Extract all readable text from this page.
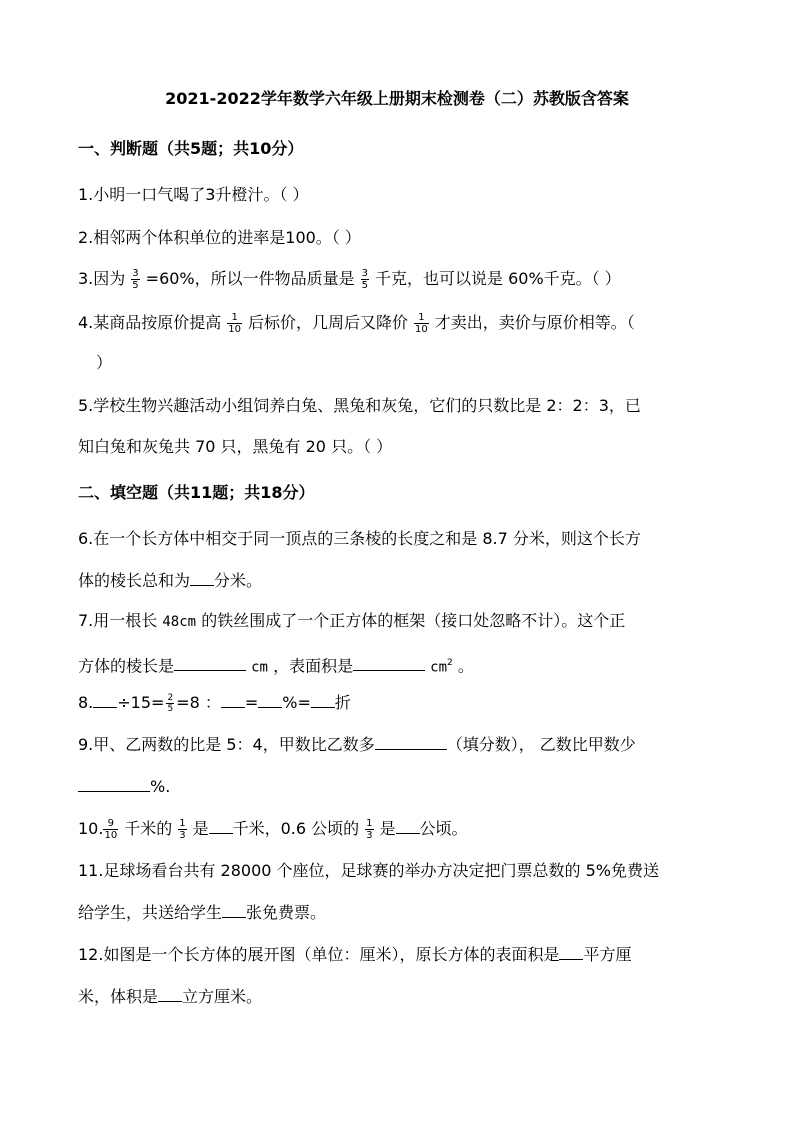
2021-2022学年数学六年级上册期末检测卷（二）苏教版含答案
一、判断题（共5题；共10分）
1.小明一口气喝了3升橙汁。（ ）
2.相邻两个体积单位的进率是100。（ ）
3.因为 $\frac{3}{5} =60\%$，所以一件物品质量是 $\frac{3}{5}$ 千克，也可以说是 60%千克。（ ）
4.某商品按原价提高 $\frac{1}{10}$ 后标价，几周后又降价 $\frac{1}{10}$ 才卖出，卖价与原价相等。（
）
5.学校生物兴趣活动小组饲养白兔、黑兔和灰兔，它们的只数比是 2：2：3，已
知白兔和灰兔共 70 只，黑兔有 20 只。（ ）
二、填空题（共11题；共18分）
6.在一个长方体中相交于同一顶点的三条棱的长度之和是 8.7 分米，则这个长方
体的棱长总和为 分米。
7.用一根长 48cm 的铁丝围成了一个正方体的框架（接口处忽略不计）。这个正
方体的棱长是	cm ，表面积是	$cm^2$ 。
8. $\div 15= \frac{2}{5} =8$ ： = %= 折
9.甲、乙两数的比是 5：4，甲数比乙数多	（填分数）， 乙数比甲数少
%.
10. $\frac{9}{10}$ 千米的 $\frac{1}{3}$ 是 千米，0.6 公顷的 $\frac{1}{3}$ 是 公顷。
11.足球场看台共有 28000 个座位，足球赛的举办方决定把门票总数的 5%免费送
给学生，共送给学生 张免费票。
12.如图是一个长方体的展开图（单位：厘米），原长方体的表面积是 平方厘
米，体积是 立方厘米。
